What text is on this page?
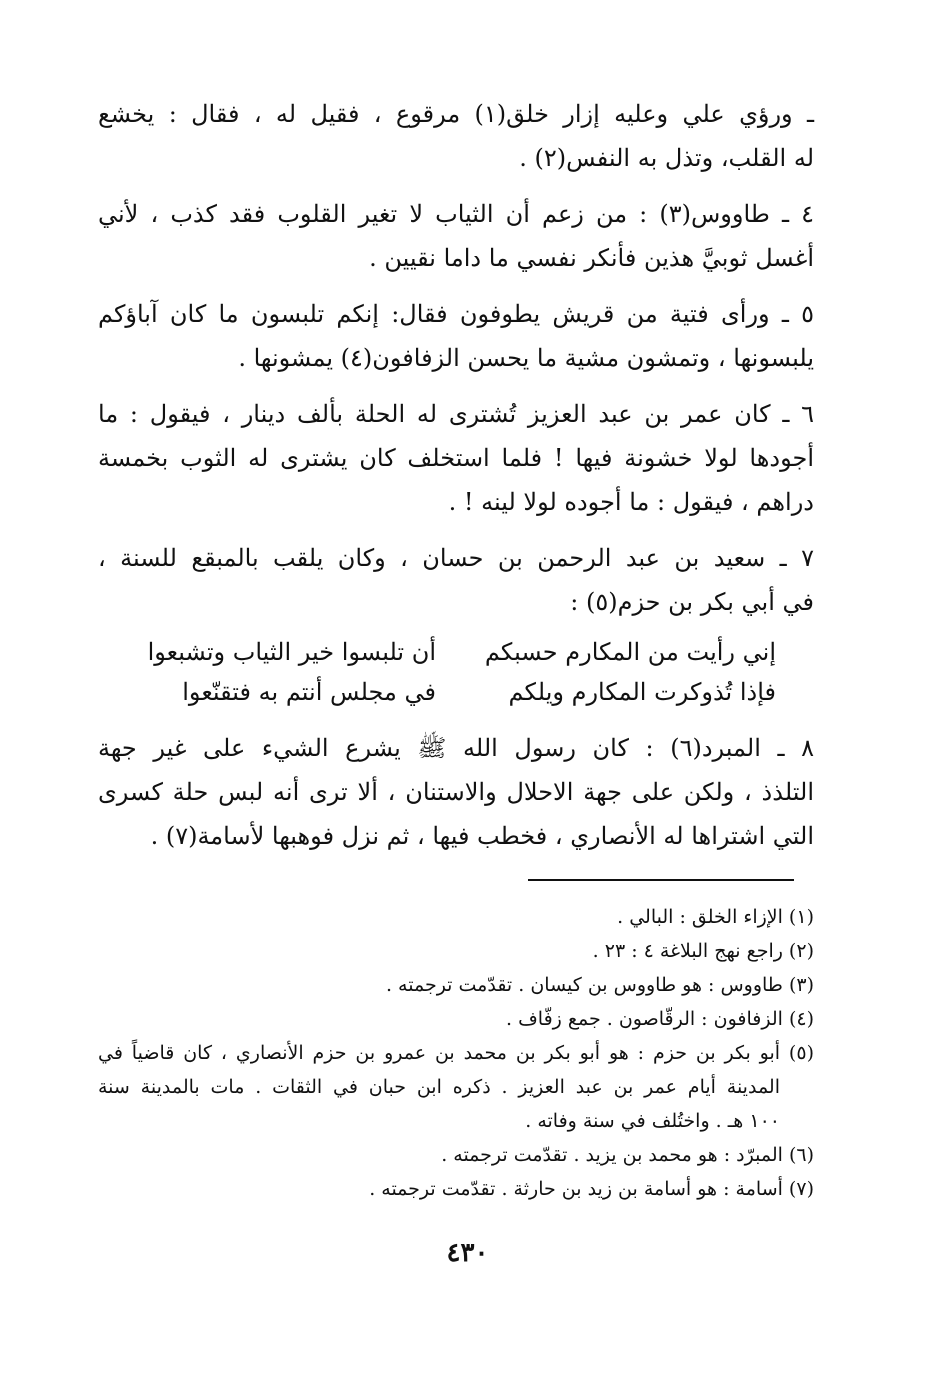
ـ ورؤي علي وعليه إزار خلق(١) مرقوع ، فقيل له ، فقال : يخشع
له القلب، وتذل به النفس(٢) .

٤ ـ طاووس(٣) : من زعم أن الثياب لا تغير القلوب فقد كذب ، لأني
أغسل ثوبيَّ هذين فأنكر نفسي ما داما نقيين .

٥ ـ ورأى فتية من قريش يطوفون فقال: إنكم تلبسون ما كان آباؤكم
يلبسونها ، وتمشون مشية ما يحسن الزفافون(٤) يمشونها .

٦ ـ كان عمر بن عبد العزيز تُشترى له الحلة بألف دينار ، فيقول : ما
أجودها لولا خشونة فيها ! فلما استخلف كان يشترى له الثوب بخمسة
دراهم ، فيقول : ما أجوده لولا لينه ! .

٧ ـ سعيد بن عبد الرحمن بن حسان ، وكان يلقب بالمبقع للسنة ،
في أبي بكر بن حزم(٥) :

إني رأيت من المكارم حسبكم
أن تلبسوا خير الثياب وتشبعوا
فإذا تُذوكرت المكارم ويلكم
في مجلس أنتم به فتقنّعوا

٨ ـ المبرد(٦) : كان رسول الله ﷺ يشرع الشيء على غير جهة
التلذذ ، ولكن على جهة الاحلال والاستنان ، ألا ترى أنه لبس حلة كسرى
التي اشتراها له الأنصاري ، فخطب فيها ، ثم نزل فوهبها لأسامة(٧) .

(١) الإزاء الخلق : البالي .
(٢) راجع نهج البلاغة ٤ : ٢٣ .
(٣) طاووس : هو طاووس بن كيسان . تقدّمت ترجمته .
(٤) الزفافون : الرقّاصون . جمع زفّاف .
(٥) أبو بكر بن حزم : هو أبو بكر بن محمد بن عمرو بن حزم الأنصاري ، كان قاضياً في
المدينة أيام عمر بن عبد العزيز . ذكره ابن حبان في الثقات . مات بالمدينة سنة
١٠٠ هـ . واختُلف في سنة وفاته .
(٦) المبرّد : هو محمد بن يزيد . تقدّمت ترجمته .
(٧) أسامة : هو أسامة بن زيد بن حارثة . تقدّمت ترجمته .
٤٣٠
